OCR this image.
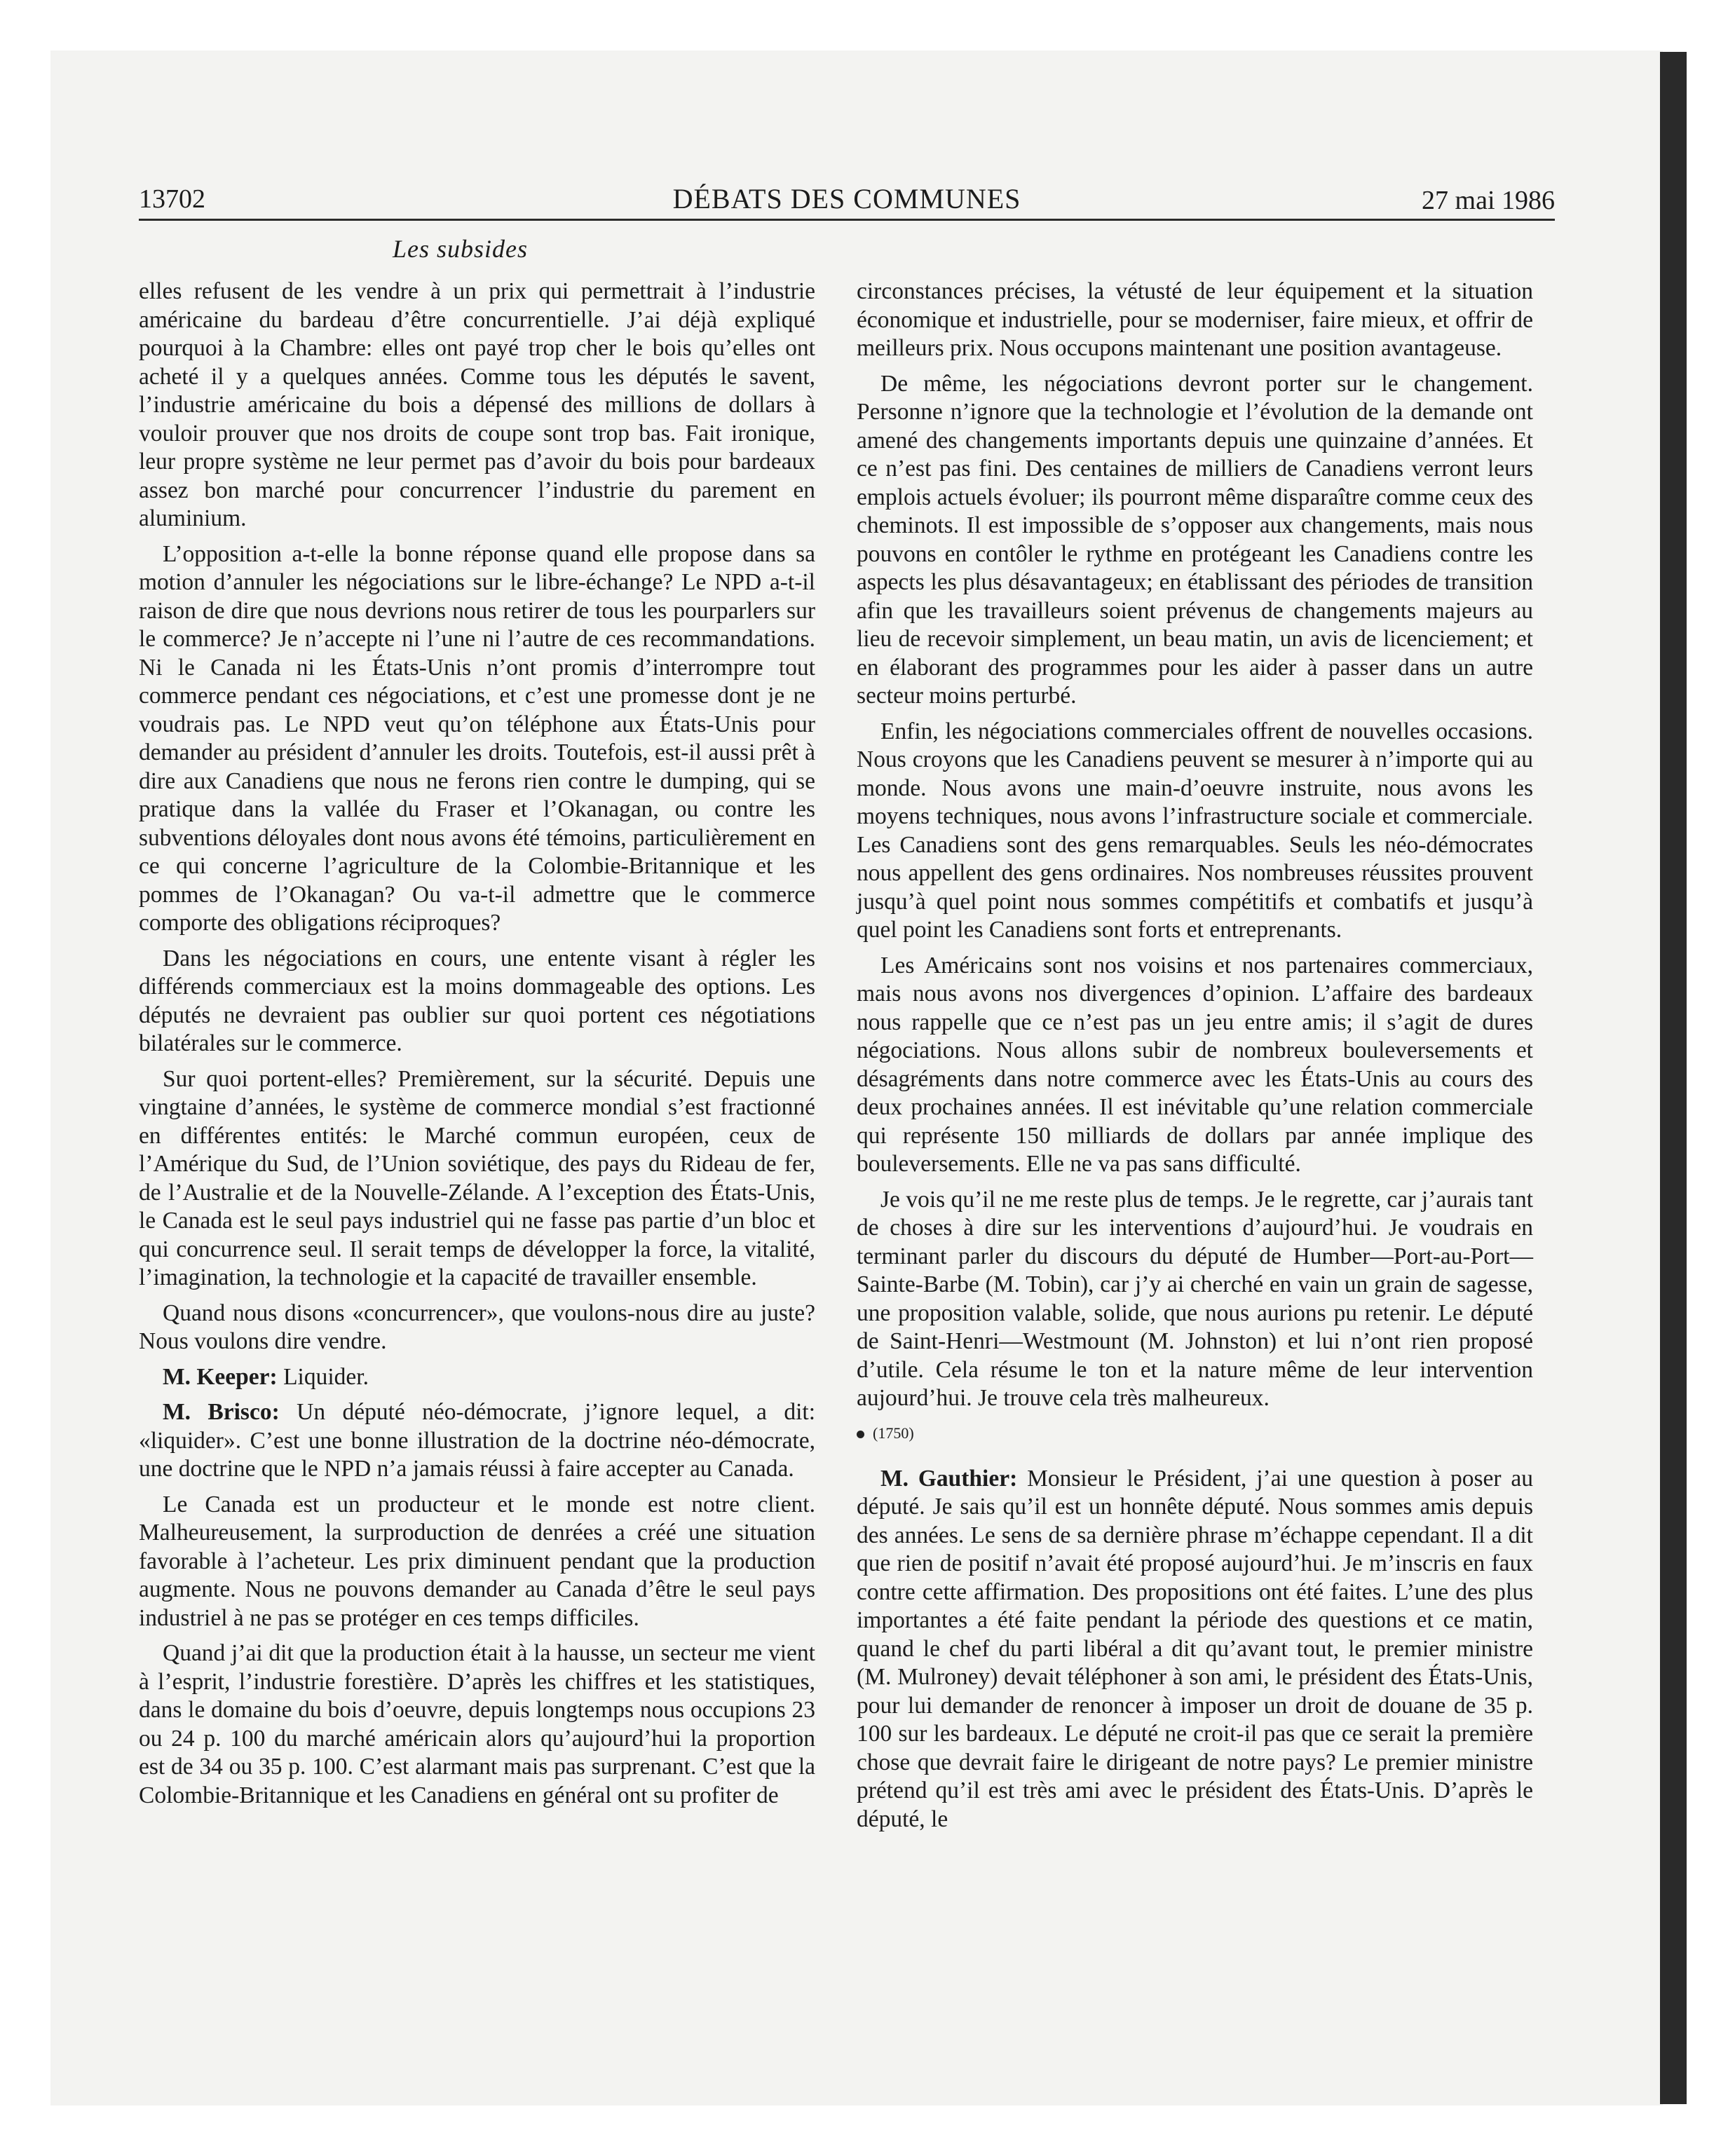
13702	DÉBATS DES COMMUNES	27 mai 1986
Les subsides

elles refusent de les vendre à un prix qui permettrait à l’industrie américaine du bardeau d’être concurrentielle. J’ai déjà expliqué pourquoi à la Chambre: elles ont payé trop cher le bois qu’elles ont acheté il y a quelques années. Comme tous les députés le savent, l’industrie américaine du bois a dépensé des millions de dollars à vouloir prouver que nos droits de coupe sont trop bas. Fait ironique, leur propre système ne leur permet pas d’avoir du bois pour bardeaux assez bon marché pour concurrencer l’industrie du parement en aluminium.

L’opposition a-t-elle la bonne réponse quand elle propose dans sa motion d’annuler les négociations sur le libre-échange? Le NPD a-t-il raison de dire que nous devrions nous retirer de tous les pourparlers sur le commerce? Je n’accepte ni l’une ni l’autre de ces recommandations. Ni le Canada ni les États-Unis n’ont promis d’interrompre tout commerce pendant ces négociations, et c’est une promesse dont je ne voudrais pas. Le NPD veut qu’on téléphone aux États-Unis pour demander au président d’annuler les droits. Toutefois, est-il aussi prêt à dire aux Canadiens que nous ne ferons rien contre le dumping, qui se pratique dans la vallée du Fraser et l’Okanagan, ou contre les subventions déloyales dont nous avons été témoins, particulièrement en ce qui concerne l’agriculture de la Colombie-Britannique et les pommes de l’Okanagan? Ou va-t-il admettre que le commerce comporte des obligations réciproques?

Dans les négociations en cours, une entente visant à régler les différends commerciaux est la moins dommageable des options. Les députés ne devraient pas oublier sur quoi portent ces négotiations bilatérales sur le commerce.

Sur quoi portent-elles? Premièrement, sur la sécurité. Depuis une vingtaine d’années, le système de commerce mondial s’est fractionné en différentes entités: le Marché commun européen, ceux de l’Amérique du Sud, de l’Union soviétique, des pays du Rideau de fer, de l’Australie et de la Nouvelle-Zélande. A l’exception des États-Unis, le Canada est le seul pays industriel qui ne fasse pas partie d’un bloc et qui concurrence seul. Il serait temps de développer la force, la vitalité, l’imagination, la technologie et la capacité de travailler ensemble.

Quand nous disons «concurrencer», que voulons-nous dire au juste? Nous voulons dire vendre.

M. Keeper: Liquider.

M. Brisco: Un député néo-démocrate, j’ignore lequel, a dit: «liquider». C’est une bonne illustration de la doctrine néo-démocrate, une doctrine que le NPD n’a jamais réussi à faire accepter au Canada.

Le Canada est un producteur et le monde est notre client. Malheureusement, la surproduction de denrées a créé une situation favorable à l’acheteur. Les prix diminuent pendant que la production augmente. Nous ne pouvons demander au Canada d’être le seul pays industriel à ne pas se protéger en ces temps difficiles.

Quand j’ai dit que la production était à la hausse, un secteur me vient à l’esprit, l’industrie forestière. D’après les chiffres et les statistiques, dans le domaine du bois d’oeuvre, depuis longtemps nous occupions 23 ou 24 p. 100 du marché américain alors qu’aujourd’hui la proportion est de 34 ou 35 p. 100. C’est alarmant mais pas surprenant. C’est que la Colombie-Britannique et les Canadiens en général ont su profiter de

circonstances précises, la vétusté de leur équipement et la situation économique et industrielle, pour se moderniser, faire mieux, et offrir de meilleurs prix. Nous occupons maintenant une position avantageuse.

De même, les négociations devront porter sur le changement. Personne n’ignore que la technologie et l’évolution de la demande ont amené des changements importants depuis une quinzaine d’années. Et ce n’est pas fini. Des centaines de milliers de Canadiens verront leurs emplois actuels évoluer; ils pourront même disparaître comme ceux des cheminots. Il est impossible de s’opposer aux changements, mais nous pouvons en contôler le rythme en protégeant les Canadiens contre les aspects les plus désavantageux; en établissant des périodes de transition afin que les travailleurs soient prévenus de changements majeurs au lieu de recevoir simplement, un beau matin, un avis de licenciement; et en élaborant des programmes pour les aider à passer dans un autre secteur moins perturbé.

Enfin, les négociations commerciales offrent de nouvelles occasions. Nous croyons que les Canadiens peuvent se mesurer à n’importe qui au monde. Nous avons une main-d’oeuvre instruite, nous avons les moyens techniques, nous avons l’infrastructure sociale et commerciale. Les Canadiens sont des gens remarquables. Seuls les néo-démocrates nous appellent des gens ordinaires. Nos nombreuses réussites prouvent jusqu’à quel point nous sommes compétitifs et combatifs et jusqu’à quel point les Canadiens sont forts et entreprenants.

Les Américains sont nos voisins et nos partenaires commerciaux, mais nous avons nos divergences d’opinion. L’affaire des bardeaux nous rappelle que ce n’est pas un jeu entre amis; il s’agit de dures négociations. Nous allons subir de nombreux bouleversements et désagréments dans notre commerce avec les États-Unis au cours des deux prochaines années. Il est inévitable qu’une relation commerciale qui représente 150 milliards de dollars par année implique des bouleversements. Elle ne va pas sans difficulté.

Je vois qu’il ne me reste plus de temps. Je le regrette, car j’aurais tant de choses à dire sur les interventions d’aujourd’hui. Je voudrais en terminant parler du discours du député de Humber—Port-au-Port—Sainte-Barbe (M. Tobin), car j’y ai cherché en vain un grain de sagesse, une proposition valable, solide, que nous aurions pu retenir. Le député de Saint-Henri—Westmount (M. Johnston) et lui n’ont rien proposé d’utile. Cela résume le ton et la nature même de leur intervention aujourd’hui. Je trouve cela très malheureux.

(1750)

M. Gauthier: Monsieur le Président, j’ai une question à poser au député. Je sais qu’il est un honnête député. Nous sommes amis depuis des années. Le sens de sa dernière phrase m’échappe cependant. Il a dit que rien de positif n’avait été proposé aujourd’hui. Je m’inscris en faux contre cette affirmation. Des propositions ont été faites. L’une des plus importantes a été faite pendant la période des questions et ce matin, quand le chef du parti libéral a dit qu’avant tout, le premier ministre (M. Mulroney) devait téléphoner à son ami, le président des États-Unis, pour lui demander de renoncer à imposer un droit de douane de 35 p. 100 sur les bardeaux. Le député ne croit-il pas que ce serait la première chose que devrait faire le dirigeant de notre pays? Le premier ministre prétend qu’il est très ami avec le président des États-Unis. D’après le député, le
